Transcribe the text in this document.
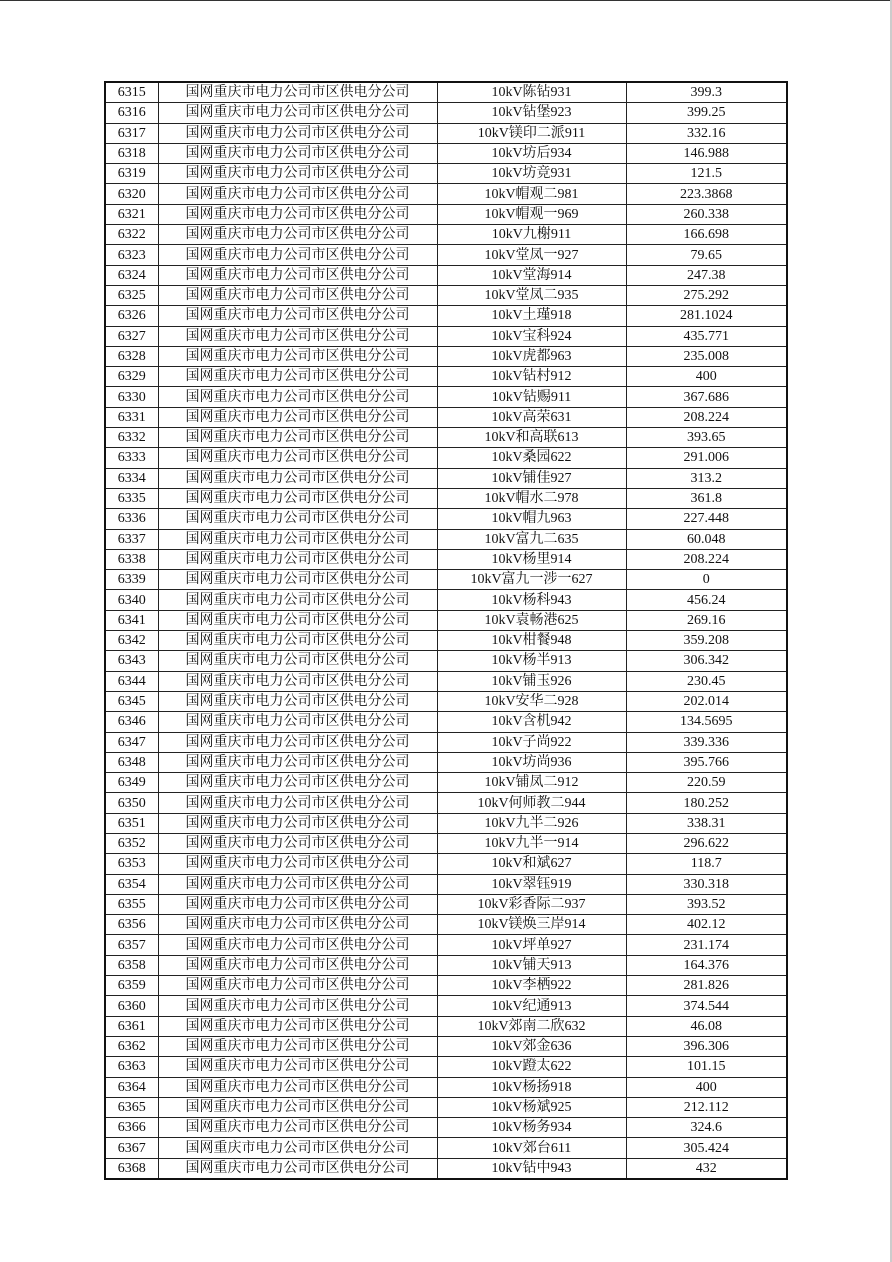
6315	国网重庆市电力公司市区供电分公司	10kV陈钻931	399.3
6316	国网重庆市电力公司市区供电分公司	10kV钻堡923	399.25
6317	国网重庆市电力公司市区供电分公司	10kV镁印二派911	332.16
6318	国网重庆市电力公司市区供电分公司	10kV坊后934	146.988
6319	国网重庆市电力公司市区供电分公司	10kV坊竞931	121.5
6320	国网重庆市电力公司市区供电分公司	10kV帽观二981	223.3868
6321	国网重庆市电力公司市区供电分公司	10kV帽观一969	260.338
6322	国网重庆市电力公司市区供电分公司	10kV九榭911	166.698
6323	国网重庆市电力公司市区供电分公司	10kV堂凤一927	79.65
6324	国网重庆市电力公司市区供电分公司	10kV堂海914	247.38
6325	国网重庆市电力公司市区供电分公司	10kV堂凤二935	275.292
6326	国网重庆市电力公司市区供电分公司	10kV土瑾918	281.1024
6327	国网重庆市电力公司市区供电分公司	10kV宝科924	435.771
6328	国网重庆市电力公司市区供电分公司	10kV虎都963	235.008
6329	国网重庆市电力公司市区供电分公司	10kV钻村912	400
6330	国网重庆市电力公司市区供电分公司	10kV钻赐911	367.686
6331	国网重庆市电力公司市区供电分公司	10kV高荣631	208.224
6332	国网重庆市电力公司市区供电分公司	10kV和高联613	393.65
6333	国网重庆市电力公司市区供电分公司	10kV桑园622	291.006
6334	国网重庆市电力公司市区供电分公司	10kV铺佳927	313.2
6335	国网重庆市电力公司市区供电分公司	10kV帽水二978	361.8
6336	国网重庆市电力公司市区供电分公司	10kV帽九963	227.448
6337	国网重庆市电力公司市区供电分公司	10kV富九二635	60.048
6338	国网重庆市电力公司市区供电分公司	10kV杨里914	208.224
6339	国网重庆市电力公司市区供电分公司	10kV富九一涉一627	0
6340	国网重庆市电力公司市区供电分公司	10kV杨科943	456.24
6341	国网重庆市电力公司市区供电分公司	10kV袁畅港625	269.16
6342	国网重庆市电力公司市区供电分公司	10kV柑餐948	359.208
6343	国网重庆市电力公司市区供电分公司	10kV杨半913	306.342
6344	国网重庆市电力公司市区供电分公司	10kV铺玉926	230.45
6345	国网重庆市电力公司市区供电分公司	10kV安华二928	202.014
6346	国网重庆市电力公司市区供电分公司	10kV含机942	134.5695
6347	国网重庆市电力公司市区供电分公司	10kV子尚922	339.336
6348	国网重庆市电力公司市区供电分公司	10kV坊尚936	395.766
6349	国网重庆市电力公司市区供电分公司	10kV铺凤二912	220.59
6350	国网重庆市电力公司市区供电分公司	10kV何师教二944	180.252
6351	国网重庆市电力公司市区供电分公司	10kV九半二926	338.31
6352	国网重庆市电力公司市区供电分公司	10kV九半一914	296.622
6353	国网重庆市电力公司市区供电分公司	10kV和斌627	118.7
6354	国网重庆市电力公司市区供电分公司	10kV翠钰919	330.318
6355	国网重庆市电力公司市区供电分公司	10kV彩香际二937	393.52
6356	国网重庆市电力公司市区供电分公司	10kV镁焕三岸914	402.12
6357	国网重庆市电力公司市区供电分公司	10kV坪单927	231.174
6358	国网重庆市电力公司市区供电分公司	10kV铺天913	164.376
6359	国网重庆市电力公司市区供电分公司	10kV李栖922	281.826
6360	国网重庆市电力公司市区供电分公司	10kV纪通913	374.544
6361	国网重庆市电力公司市区供电分公司	10kV郊南二欣632	46.08
6362	国网重庆市电力公司市区供电分公司	10kV郊金636	396.306
6363	国网重庆市电力公司市区供电分公司	10kV蹬太622	101.15
6364	国网重庆市电力公司市区供电分公司	10kV杨扬918	400
6365	国网重庆市电力公司市区供电分公司	10kV杨斌925	212.112
6366	国网重庆市电力公司市区供电分公司	10kV杨务934	324.6
6367	国网重庆市电力公司市区供电分公司	10kV郊台611	305.424
6368	国网重庆市电力公司市区供电分公司	10kV钻中943	432
